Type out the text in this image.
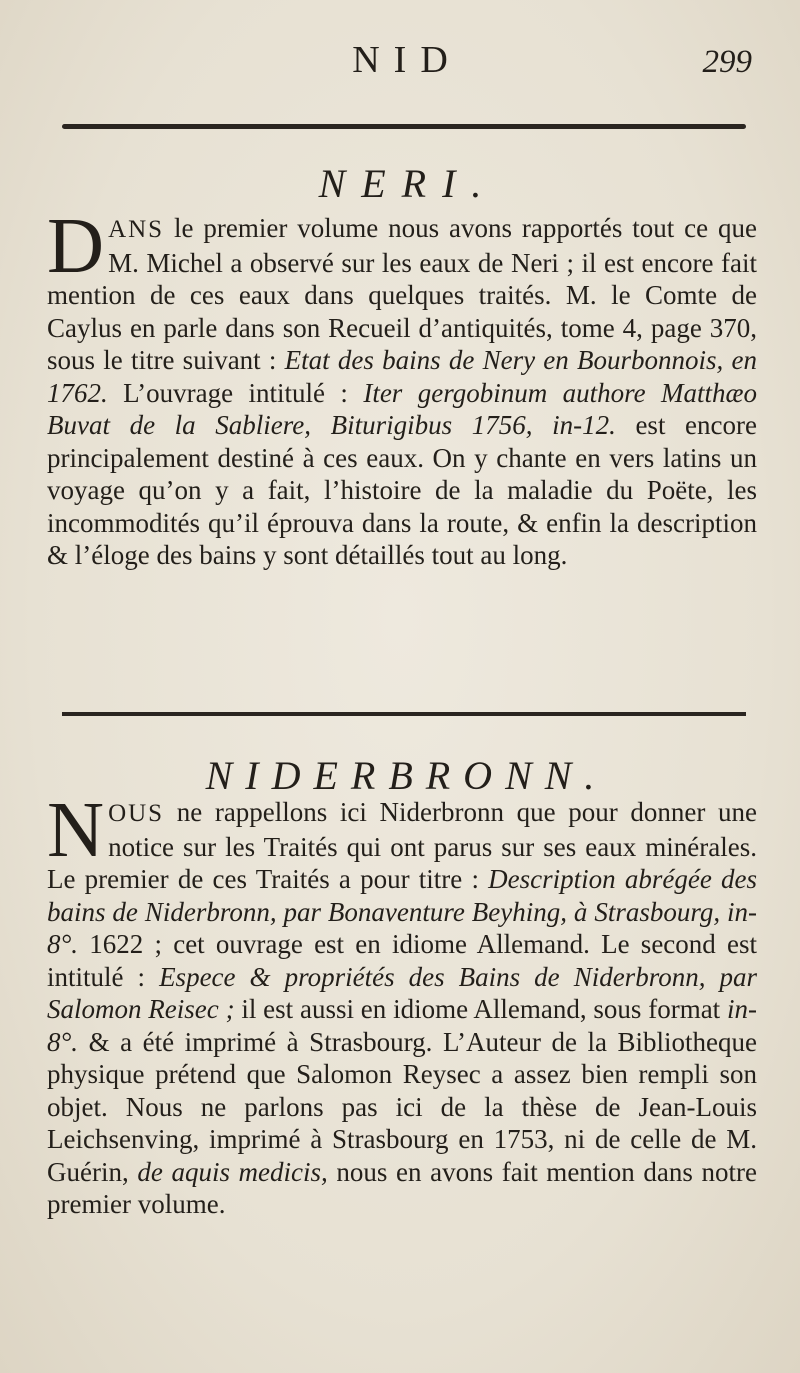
NID	299
NERI.

DANS le premier volume nous avons rapportés tout ce que M. Michel a observé sur les eaux de Neri ; il est encore fait mention de ces eaux dans quelques traités. M. le Comte de Caylus en parle dans son Recueil d’antiquités, tome 4, page 370, sous le titre suivant : Etat des bains de Nery en Bourbonnois, en 1762. L’ouvrage intitulé : Iter gergobinum authore Matthæo Buvat de la Sabliere, Biturigibus 1756, in-12. est encore principalement destiné à ces eaux. On y chante en vers latins un voyage qu’on y a fait, l’histoire de la maladie du Poëte, les incommodités qu’il éprouva dans la route, & enfin la description & l’éloge des bains y sont détaillés tout au long.

NIDERBRONN.

NOUS ne rappellons ici Niderbronn que pour donner une notice sur les Traités qui ont parus sur ses eaux minérales. Le premier de ces Traités a pour titre : Description abrégée des bains de Niderbronn, par Bonaventure Beyhing, à Strasbourg, in-8°. 1622 ; cet ouvrage est en idiome Allemand. Le second est intitulé : Espece & propriétés des Bains de Niderbronn, par Salomon Reisec ; il est aussi en idiome Allemand, sous format in-8°. & a été imprimé à Strasbourg. L’Auteur de la Bibliotheque physique prétend que Salomon Reysec a assez bien rempli son objet. Nous ne parlons pas ici de la thèse de Jean-Louis Leichsenving, imprimé à Strasbourg en 1753, ni de celle de M. Guérin, de aquis medicis, nous en avons fait mention dans notre premier volume.
